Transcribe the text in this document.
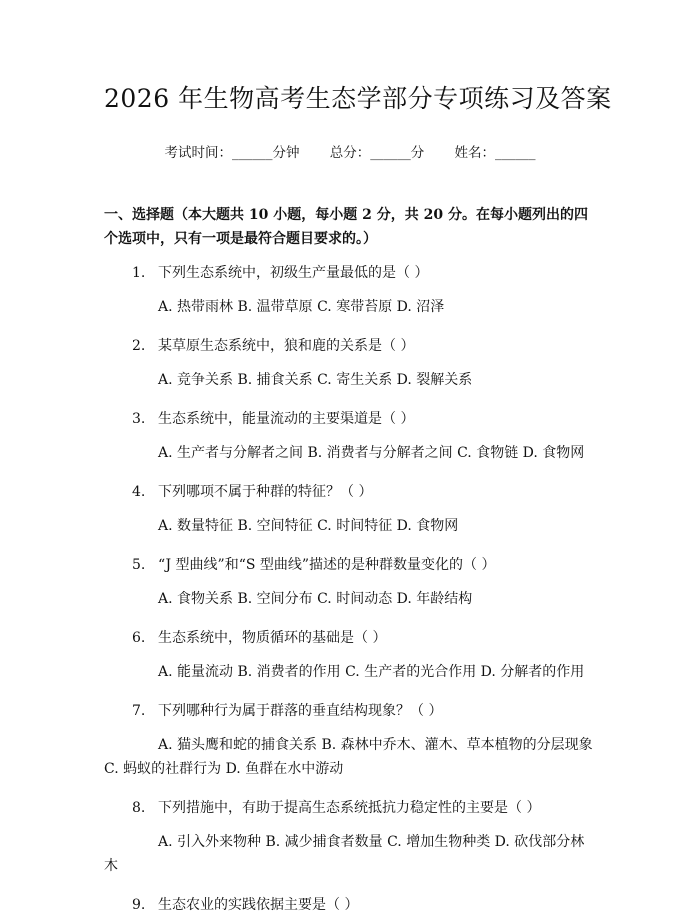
2026 年生物高考生态学部分专项练习及答案
考试时间：______分钟 总分：______分 姓名：______
一、选择题（本大题共 10 小题，每小题 2 分，共 20 分。在每小题列出的四个选项中，只有一项是最符合题目要求的。）
1. 下列生态系统中，初级生产量最低的是（ ）
A. 热带雨林 B. 温带草原 C. 寒带苔原 D. 沼泽
2. 某草原生态系统中，狼和鹿的关系是（ ）
A. 竞争关系 B. 捕食关系 C. 寄生关系 D. 裂解关系
3. 生态系统中，能量流动的主要渠道是（ ）
A. 生产者与分解者之间 B. 消费者与分解者之间 C. 食物链 D. 食物网
4. 下列哪项不属于种群的特征？（ ）
A. 数量特征 B. 空间特征 C. 时间特征 D. 食物网
5. “J 型曲线”和“S 型曲线”描述的是种群数量变化的（ ）
A. 食物关系 B. 空间分布 C. 时间动态 D. 年龄结构
6. 生态系统中，物质循环的基础是（ ）
A. 能量流动 B. 消费者的作用 C. 生产者的光合作用 D. 分解者的作用
7. 下列哪种行为属于群落的垂直结构现象？（ ）
A. 猫头鹰和蛇的捕食关系 B. 森林中乔木、灌木、草本植物的分层现象 C. 蚂蚁的社群行为 D. 鱼群在水中游动
8. 下列措施中，有助于提高生态系统抵抗力稳定性的主要是（ ）
A. 引入外来物种 B. 减少捕食者数量 C. 增加生物种类 D. 砍伐部分林木
9. 生态农业的实践依据主要是（ ）
